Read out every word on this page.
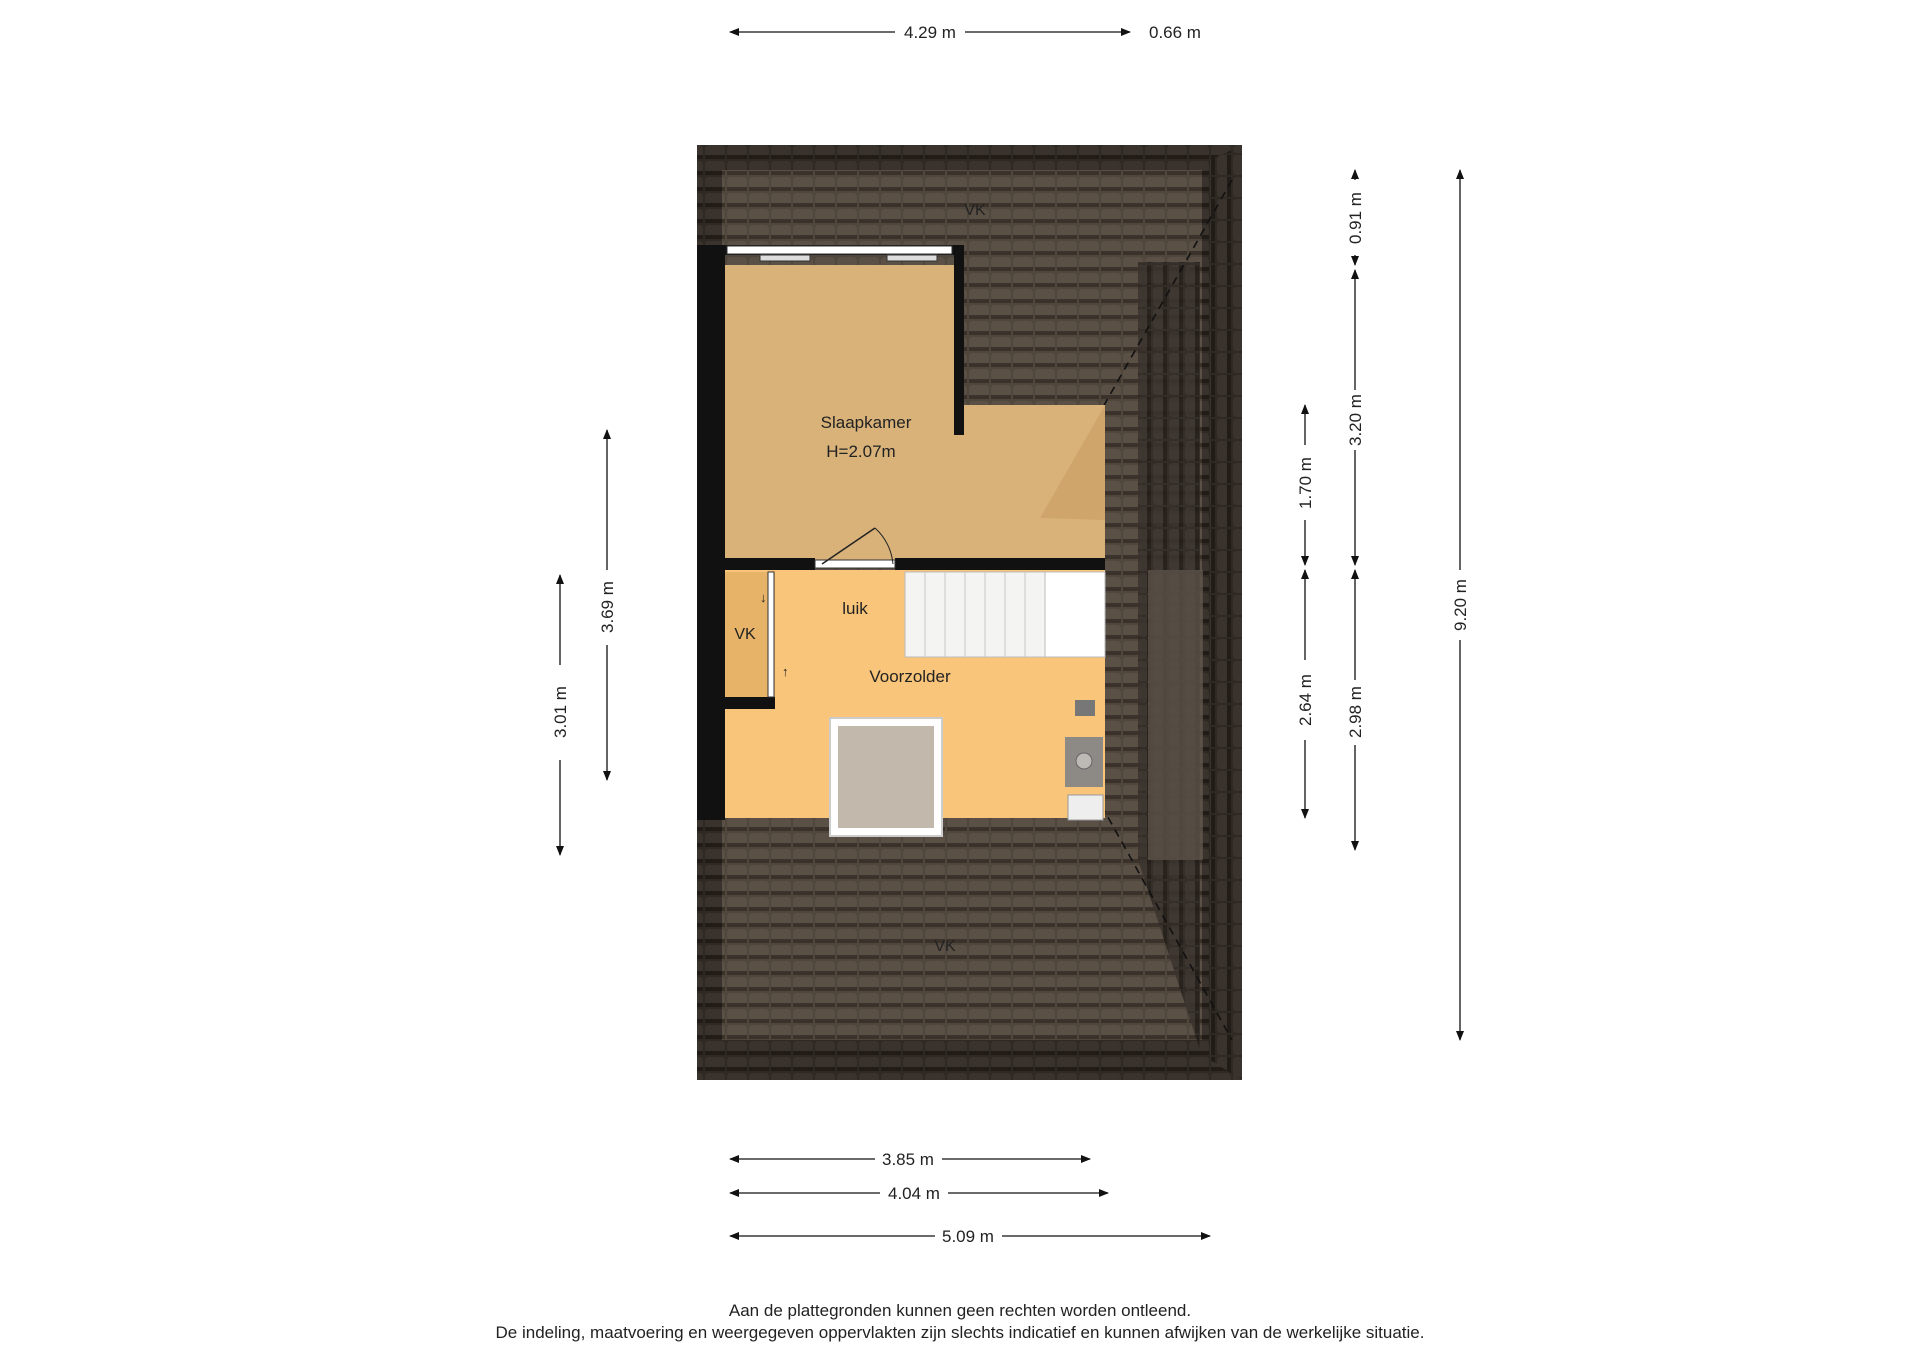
VK
Slaapkamer
H=2.07m
luik
VK
Voorzolder
VK
↓
↑
4.29 m	0.66 m
3.85 m
4.04 m
5.09 m
3.01 m
3.69 m
0.91 m
3.20 m
2.98 m
1.70 m
2.64 m
9.20 m
Aan de plattegronden kunnen geen rechten worden ontleend.
De indeling, maatvoering en weergegeven oppervlakten zijn slechts indicatief en kunnen afwijken van de werkelijke situatie.
